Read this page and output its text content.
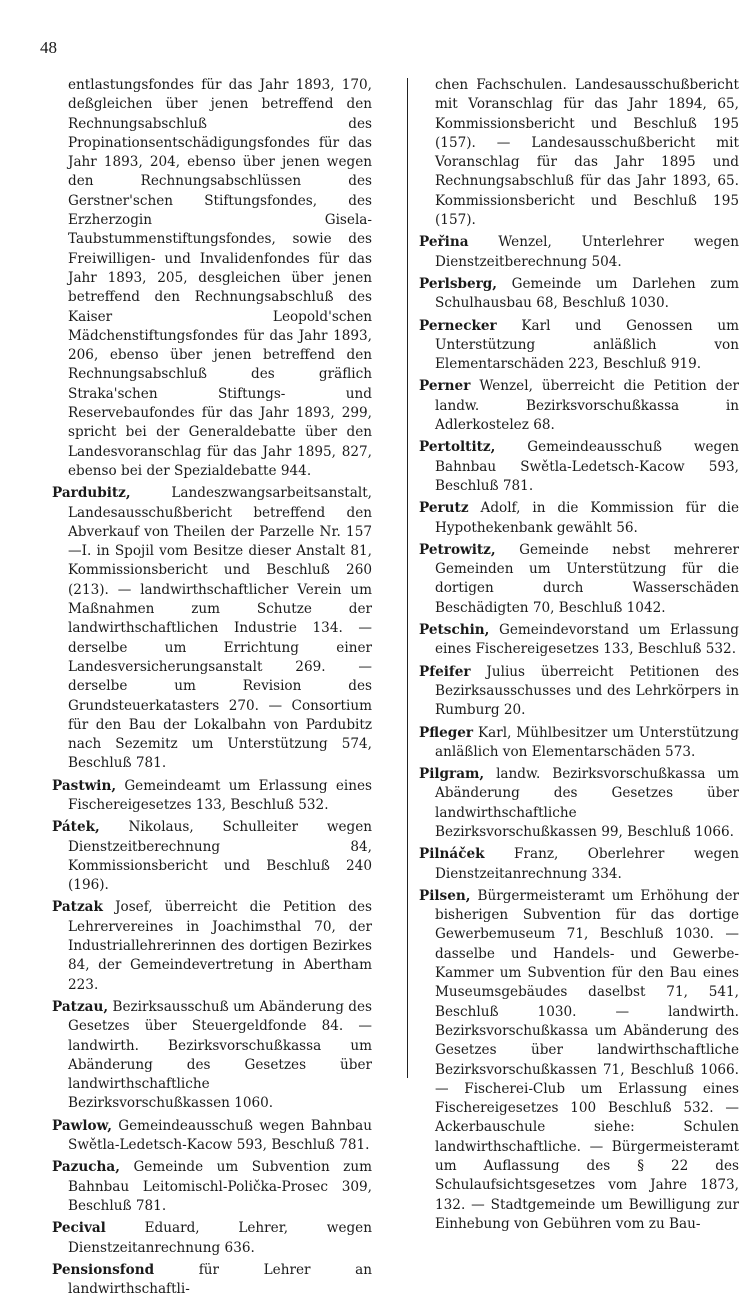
48

entlastungsfondes für das Jahr 1893, 170, deßgleichen über jenen betreffend den Rechnungsabschluß des Propinationsentschädigungsfondes für das Jahr 1893, 204, ebenso über jenen wegen den Rechnungsabschlüssen des Gerstner'schen Stiftungsfondes, des Erzherzogin Gisela-Taubstummenstiftungsfondes, sowie des Freiwilligen- und Invalidenfondes für das Jahr 1893, 205, desgleichen über jenen betreffend den Rechnungsabschluß des Kaiser Leopold'schen Mädchenstiftungsfondes für das Jahr 1893, 206, ebenso über jenen betreffend den Rechnungsabschluß des gräflich Straka'schen Stiftungs- und Reservebaufondes für das Jahr 1893, 299, spricht bei der Generaldebatte über den Landesvoranschlag für das Jahr 1895, 827, ebenso bei der Spezialdebatte 944.

Pardubitz, Landeszwangsarbeitsanstalt, Landesausschußbericht betreffend den Abverkauf von Theilen der Parzelle Nr. 157—I. in Spojil vom Besitze dieser Anstalt 81, Kommissionsbericht und Beschluß 260 (213). — landwirthschaftlicher Verein um Maßnahmen zum Schutze der landwirthschaftlichen Industrie 134. — derselbe um Errichtung einer Landesversicherungsanstalt 269. — derselbe um Revision des Grundsteuerkatasters 270. — Consortium für den Bau der Lokalbahn von Pardubitz nach Sezemitz um Unterstützung 574, Beschluß 781.

Pastwin, Gemeindeamt um Erlassung eines Fischereigesetzes 133, Beschluß 532.

Pátek, Nikolaus, Schulleiter wegen Dienstzeitberechnung 84, Kommissionsbericht und Beschluß 240 (196).

Patzak Josef, überreicht die Petition des Lehrervereines in Joachimsthal 70, der Industriallehrerinnen des dortigen Bezirkes 84, der Gemeindevertretung in Abertham 223.

Patzau, Bezirksausschuß um Abänderung des Gesetzes über Steuergeldfonde 84. — landwirth. Bezirksvorschußkassa um Abänderung des Gesetzes über landwirthschaftliche Bezirksvorschußkassen 1060.

Pawlow, Gemeindeausschuß wegen Bahnbau Swětla-Ledetsch-Kacow 593, Beschluß 781.

Pazucha, Gemeinde um Subvention zum Bahnbau Leitomischl-Polička-Prosec 309, Beschluß 781.

Pecival Eduard, Lehrer, wegen Dienstzeitanrechnung 636.

Pensionsfond für Lehrer an landwirthschaftli-

chen Fachschulen. Landesausschußbericht mit Voranschlag für das Jahr 1894, 65, Kommissionsbericht und Beschluß 195 (157). — Landesausschußbericht mit Voranschlag für das Jahr 1895 und Rechnungsabschluß für das Jahr 1893, 65. Kommissionsbericht und Beschluß 195 (157).

Peřina Wenzel, Unterlehrer wegen Dienstzeitberechnung 504.

Perlsberg, Gemeinde um Darlehen zum Schulhausbau 68, Beschluß 1030.

Pernecker Karl und Genossen um Unterstützung anläßlich von Elementarschäden 223, Beschluß 919.

Perner Wenzel, überreicht die Petition der landw. Bezirksvorschußkassa in Adlerkostelez 68.

Pertoltitz, Gemeindeausschuß wegen Bahnbau Swětla-Ledetsch-Kacow 593, Beschluß 781.

Perutz Adolf, in die Kommission für die Hypothekenbank gewählt 56.

Petrowitz, Gemeinde nebst mehrerer Gemeinden um Unterstützung für die dortigen durch Wasserschäden Beschädigten 70, Beschluß 1042.

Petschin, Gemeindevorstand um Erlassung eines Fischereigesetzes 133, Beschluß 532.

Pfeifer Julius überreicht Petitionen des Bezirksausschusses und des Lehrkörpers in Rumburg 20.

Pfleger Karl, Mühlbesitzer um Unterstützung anläßlich von Elementarschäden 573.

Pilgram, landw. Bezirksvorschußkassa um Abänderung des Gesetzes über landwirthschaftliche Bezirksvorschußkassen 99, Beschluß 1066.

Pilnáček Franz, Oberlehrer wegen Dienstzeitanrechnung 334.

Pilsen, Bürgermeisteramt um Erhöhung der bisherigen Subvention für das dortige Gewerbemuseum 71, Beschluß 1030. — dasselbe und Handels- und Gewerbe-Kammer um Subvention für den Bau eines Museumsgebäudes daselbst 71, 541, Beschluß 1030. — landwirth. Bezirksvorschußkassa um Abänderung des Gesetzes über landwirthschaftliche Bezirksvorschußkassen 71, Beschluß 1066. — Fischerei-Club um Erlassung eines Fischereigesetzes 100 Beschluß 532. — Ackerbauschule siehe: Schulen landwirthschaftliche. — Bürgermeisteramt um Auflassung des § 22 des Schulaufsichtsgesetzes vom Jahre 1873, 132. — Stadtgemeinde um Bewilligung zur Einhebung von Gebühren vom zu Bau-
